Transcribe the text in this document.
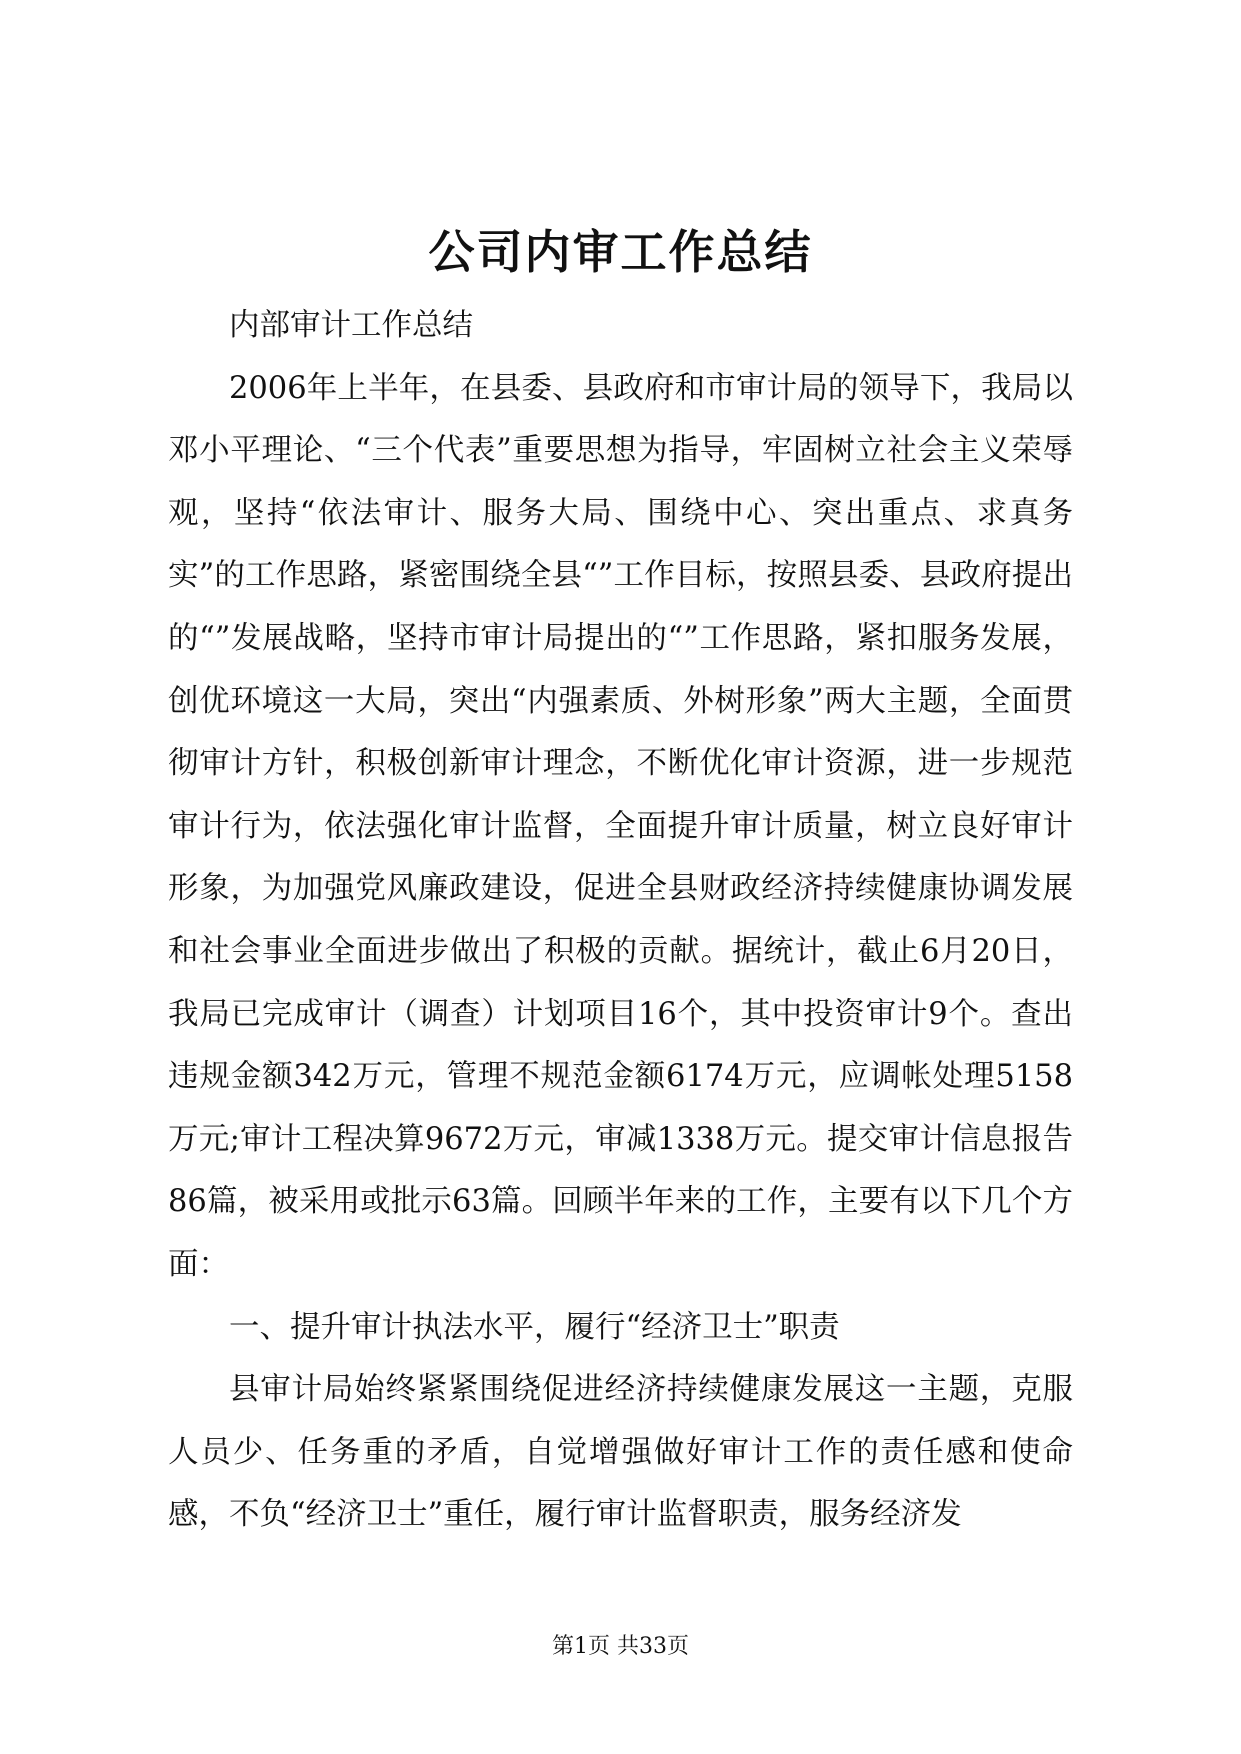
公司内审工作总结

内部审计工作总结

2006年上半年，在县委、县政府和市审计局的领导下，我局以邓小平理论、“三个代表”重要思想为指导，牢固树立社会主义荣辱观，坚持“依法审计、服务大局、围绕中心、突出重点、求真务实”的工作思路，紧密围绕全县“”工作目标，按照县委、县政府提出的“”发展战略，坚持市审计局提出的“”工作思路，紧扣服务发展，创优环境这一大局，突出“内强素质、外树形象”两大主题，全面贯彻审计方针，积极创新审计理念，不断优化审计资源，进一步规范审计行为，依法强化审计监督，全面提升审计质量，树立良好审计形象，为加强党风廉政建设，促进全县财政经济持续健康协调发展和社会事业全面进步做出了积极的贡献。据统计，截止6月20日，我局已完成审计（调查）计划项目16个，其中投资审计9个。查出违规金额342万元，管理不规范金额6174万元，应调帐处理5158万元;审计工程决算9672万元，审减1338万元。提交审计信息报告86篇，被采用或批示63篇。回顾半年来的工作，主要有以下几个方面：

一、提升审计执法水平，履行“经济卫士”职责

县审计局始终紧紧围绕促进经济持续健康发展这一主题，克服人员少、任务重的矛盾，自觉增强做好审计工作的责任感和使命感，不负“经济卫士”重任，履行审计监督职责，服务经济发

第1页 共33页
